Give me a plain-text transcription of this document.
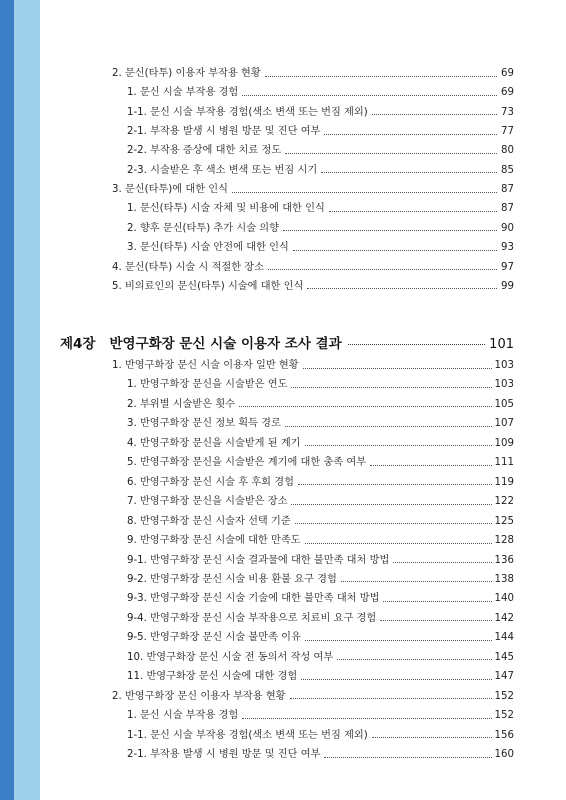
2. 문신(타투) 이용자 부작용 현황	69
1. 문신 시술 부작용 경험	69
1-1. 문신 시술 부작용 경험(색소 변색 또는 번짐 제외)	73
2-1. 부작용 발생 시 병원 방문 및 진단 여부	77
2-2. 부작용 증상에 대한 치료 정도	80
2-3. 시술받은 후 색소 변색 또는 번짐 시기	85
3. 문신(타투)에 대한 인식	87
1. 문신(타투) 시술 자체 및 비용에 대한 인식	87
2. 향후 문신(타투) 추가 시술 의향	90
3. 문신(타투) 시술 안전에 대한 인식	93
4. 문신(타투) 시술 시 적절한 장소	97
5. 비의료인의 문신(타투) 시술에 대한 인식	99
제4장 반영구화장 문신 시술 이용자 조사 결과	101
1. 반영구화장 문신 시술 이용자 일반 현황	103
1. 반영구화장 문신을 시술받은 연도	103
2. 부위별 시술받은 횟수	105
3. 반영구화장 문신 정보 획득 경로	107
4. 반영구화장 문신을 시술받게 된 계기	109
5. 반영구화장 문신을 시술받은 계기에 대한 충족 여부	111
6. 반영구화장 문신 시술 후 후회 경험	119
7. 반영구화장 문신을 시술받은 장소	122
8. 반영구화장 문신 시술자 선택 기준	125
9. 반영구화장 문신 시술에 대한 만족도	128
9-1. 반영구화장 문신 시술 결과물에 대한 불만족 대처 방법	136
9-2. 반영구화장 문신 시술 비용 환불 요구 경험	138
9-3. 반영구화장 문신 시술 기술에 대한 불만족 대처 방법	140
9-4. 반영구화장 문신 시술 부작용으로 치료비 요구 경험	142
9-5. 반영구화장 문신 시술 불만족 이유	144
10. 반영구화장 문신 시술 전 동의서 작성 여부	145
11. 반영구화장 문신 시술에 대한 경험	147
2. 반영구화장 문신 이용자 부작용 현황	152
1. 문신 시술 부작용 경험	152
1-1. 문신 시술 부작용 경험(색소 변색 또는 번짐 제외)	156
2-1. 부작용 발생 시 병원 방문 및 진단 여부	160
